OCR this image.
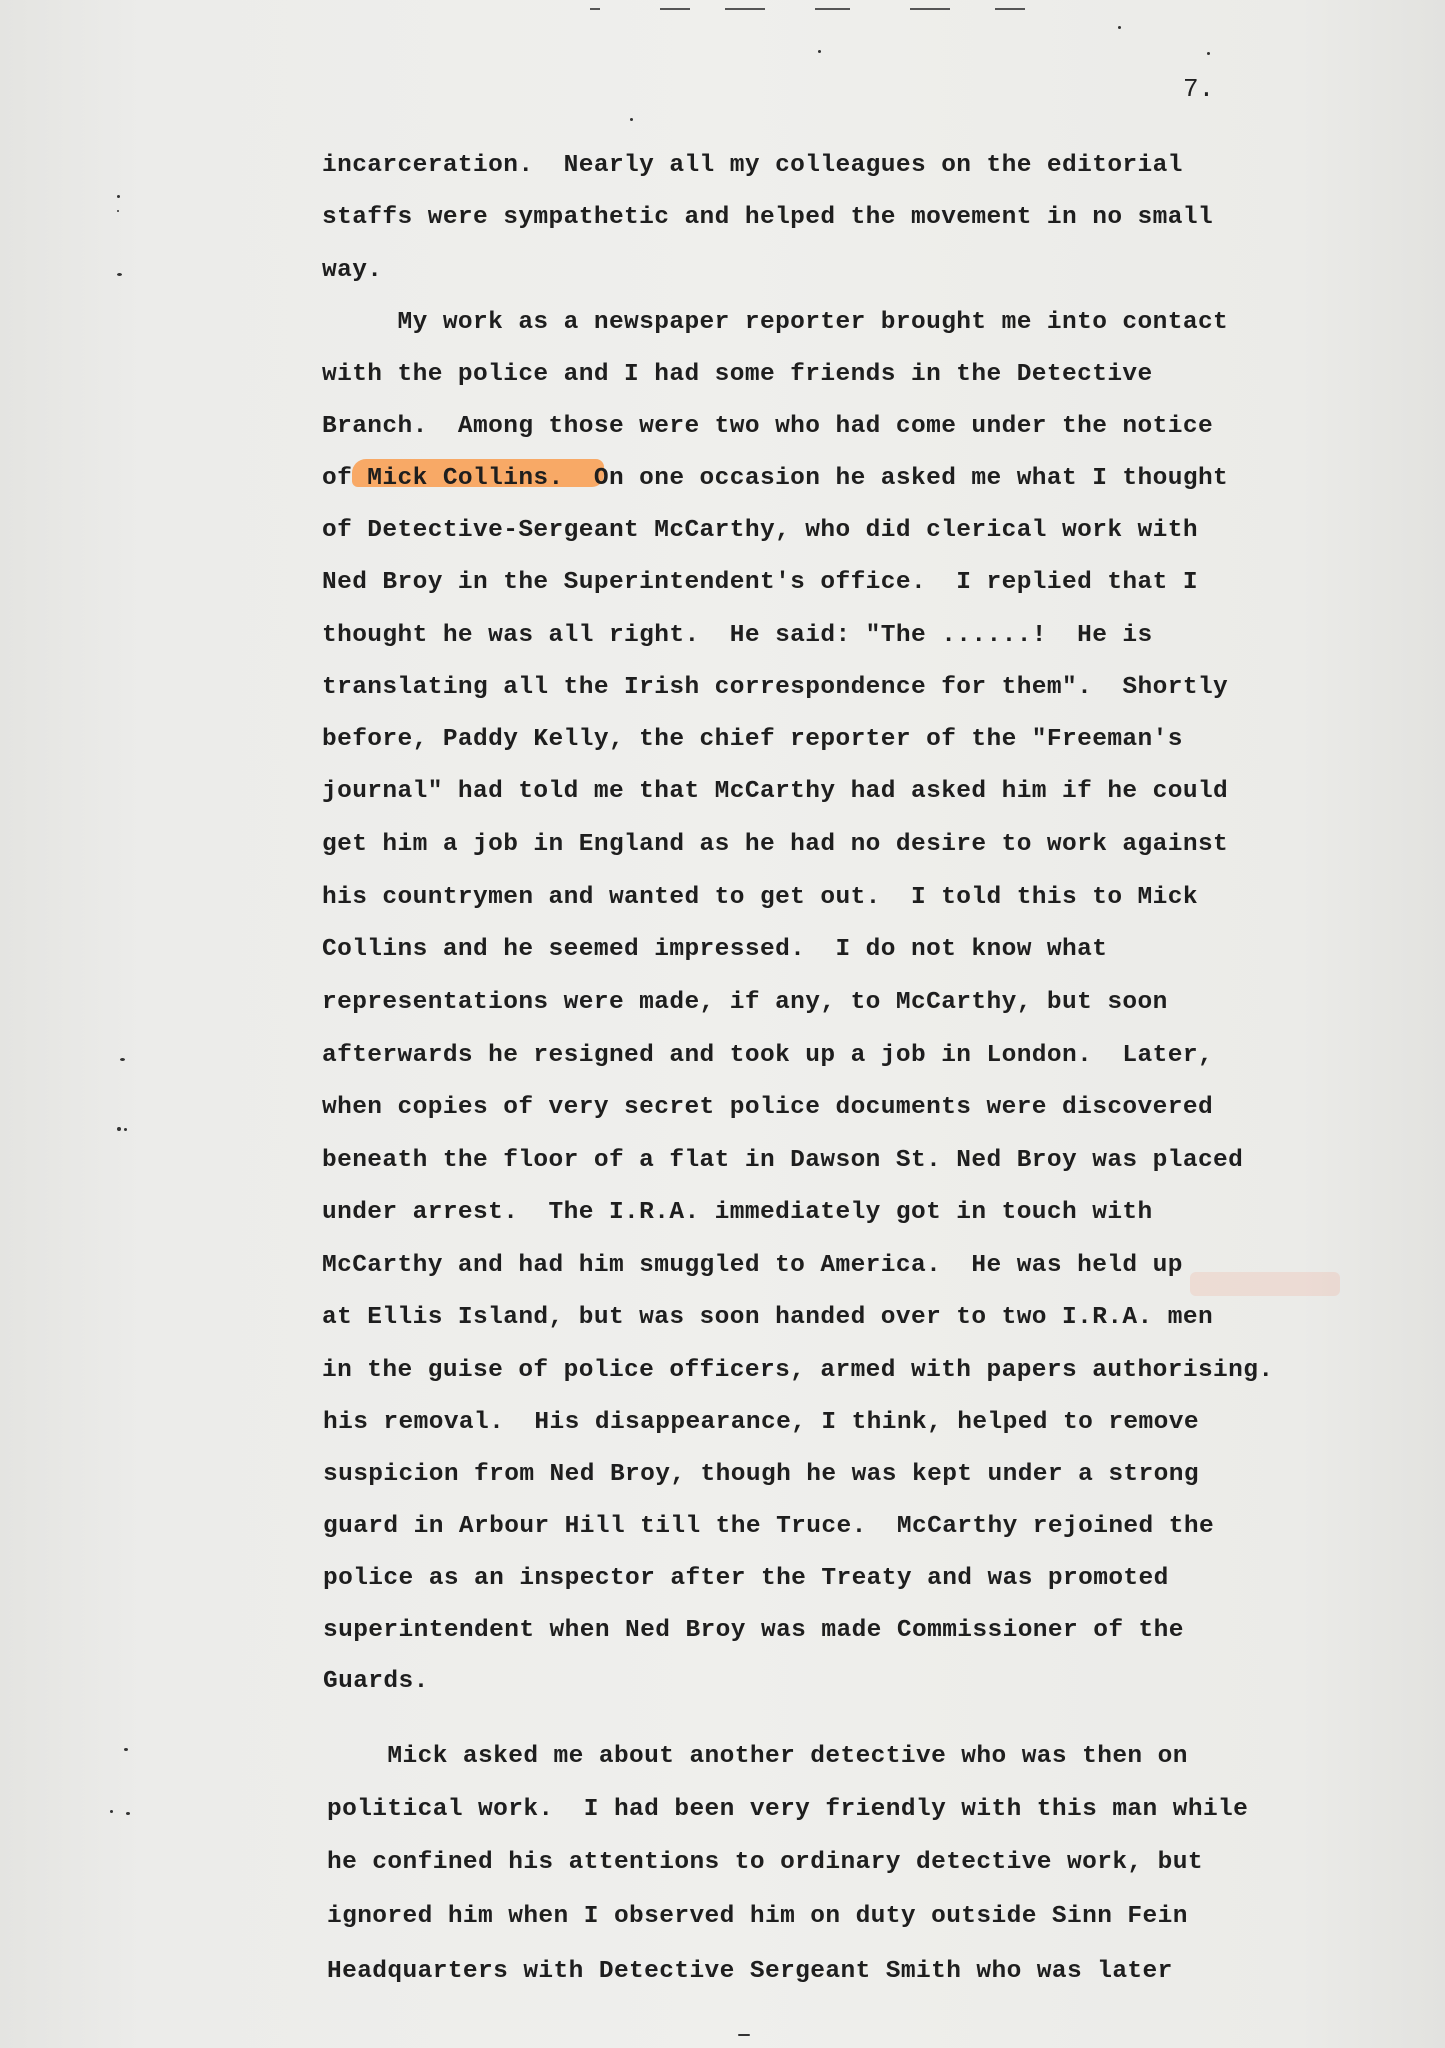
7.
incarceration.  Nearly all my colleagues on the editorial
staffs were sympathetic and helped the movement in no small
way.
My work as a newspaper reporter brought me into contact
with the police and I had some friends in the Detective
Branch.  Among those were two who had come under the notice
of Mick Collins.  On one occasion he asked me what I thought
of Detective-Sergeant McCarthy, who did clerical work with
Ned Broy in the Superintendent's office.  I replied that I
thought he was all right.  He said: "The ......!  He is
translating all the Irish correspondence for them".  Shortly
before, Paddy Kelly, the chief reporter of the "Freeman's
journal" had told me that McCarthy had asked him if he could
get him a job in England as he had no desire to work against
his countrymen and wanted to get out.  I told this to Mick
Collins and he seemed impressed.  I do not know what
representations were made, if any, to McCarthy, but soon
afterwards he resigned and took up a job in London.  Later,
when copies of very secret police documents were discovered
beneath the floor of a flat in Dawson St. Ned Broy was placed
under arrest.  The I.R.A. immediately got in touch with
McCarthy and had him smuggled to America.  He was held up
at Ellis Island, but was soon handed over to two I.R.A. men
in the guise of police officers, armed with papers authorising.
his removal.  His disappearance, I think, helped to remove
suspicion from Ned Broy, though he was kept under a strong
guard in Arbour Hill till the Truce.  McCarthy rejoined the
police as an inspector after the Treaty and was promoted
superintendent when Ned Broy was made Commissioner of the
Guards.
Mick asked me about another detective who was then on
political work.  I had been very friendly with this man while
he confined his attentions to ordinary detective work, but
ignored him when I observed him on duty outside Sinn Fein
Headquarters with Detective Sergeant Smith who was later
